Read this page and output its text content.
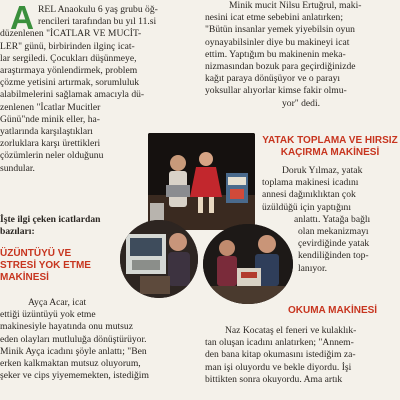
A REL Anaokulu 6 yaş grubu öğ-
rencileri tarafından bu yıl 11.si
düzenlenen "İCATLAR VE MUCİT-
LER" günü, birbirinden ilginç icat-
lar sergiledi. Çocukları düşünmeye,
araştırmaya yönlendirmek, problem
çözme yetisini artırmak, sorumluluk
alabilmelerini sağlamak amacıyla dü-
zenlenen "İcatlar Mucitler
Günü"nde minik eller, ha-
yatlarında karşılaştıkları
zorluklara karşı ürettikleri
çözümlerin neler olduğunu
sundular.

İşte ilgi çeken icatlardan
bazıları:

ÜZÜNTÜYÜ VE
STRESİ YOK ETME
MAKİNESİ

Ayça Acar, icat
ettiği üzüntüyü yok etme
makinesiyle hayatında onu mutsuz
eden olayları mutluluğa dönüştürüyor.
Minik Ayça icadını şöyle anlattı; "Ben
erken kalkmaktan mutsuz oluyorum,
şeker ve cips yiyememekten, istediğim

Minik mucit Nilsu Ertuğrul, maki-
nesini icat etme sebebini anlatırken;
"Bütün insanlar yemek yiyebilsin oyun
oynayabilsinler diye bu makineyi icat
ettim. Yaptığım bu makinenin meka-
nizmasından bozuk para geçirdiğinizde
kağıt paraya dönüşüyor ve o parayı
yoksullar alıyorlar kimse fakir olmu-
yor" dedi.

YATAK TOPLAMA VE HIRSIZ
KAÇIRMA MAKİNESİ

Doruk Yılmaz, yatak
toplama makinesi icadını
annesi dağınıklıktan çok
üzüldüğü için yaptığını
anlattı. Yatağa bağlı
olan mekanizmayı
çevirdiğinde yatak
kendiliğinden top-
lanıyor.

OKUMA MAKİNESİ

Naz Kocataş el feneri ve kulaklık-
tan oluşan icadını anlatırken; "Annem-
den bana kitap okumasını istediğim za-
man işi oluyordu ve bekle diyordu. İşi
bittikten sonra okuyordu. Ama artık
